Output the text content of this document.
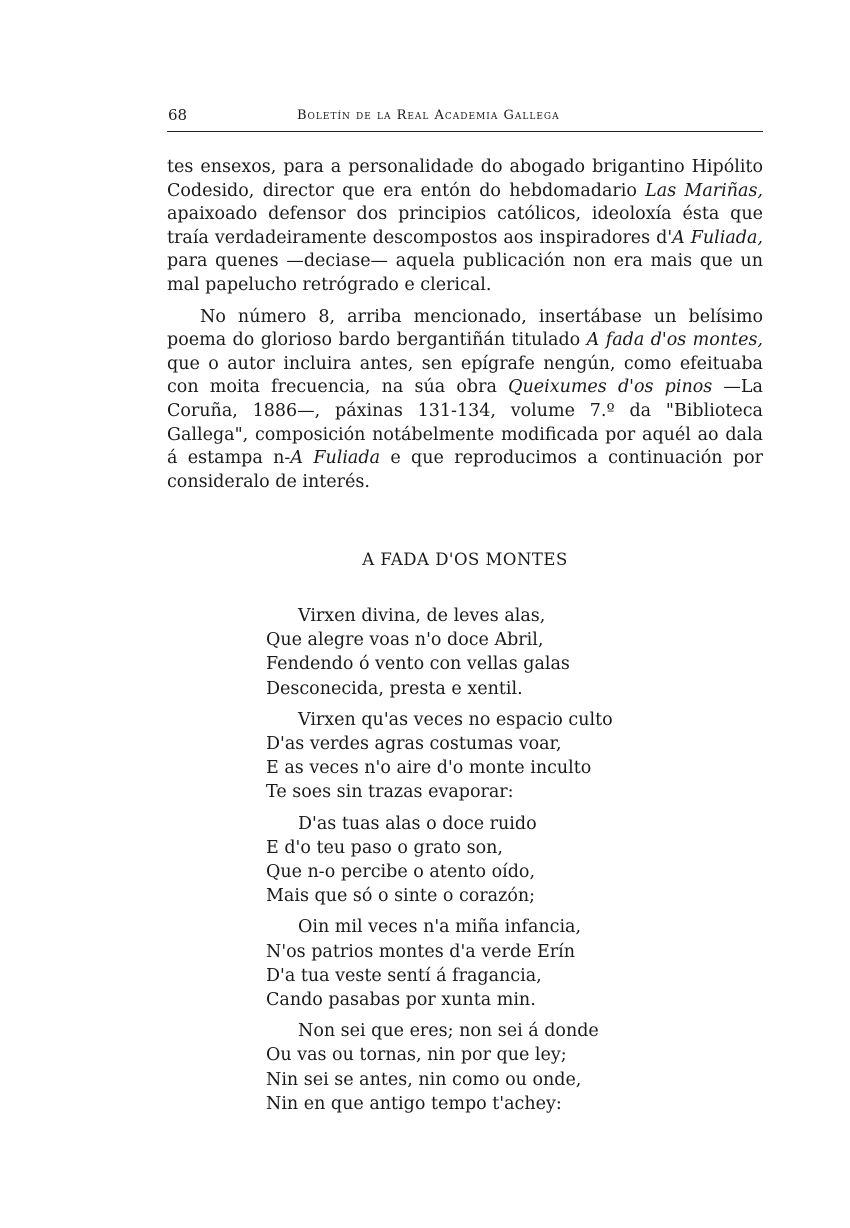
68	Boletín de la Real Academia Gallega

tes ensexos, para a personalidade do abogado brigantino Hipólito Codesido, director que era entón do hebdomadario Las Mariñas, apaixoado defensor dos principios católicos, ideoloxía ésta que traía verdadeiramente descompostos aos inspiradores d'A Fuliada, para quenes —deciase— aquela publicación non era mais que un mal papelucho retrógrado e clerical.

No número 8, arriba mencionado, insertábase un belísimo poema do glorioso bardo bergantiñán titulado A fada d'os montes, que o autor incluira antes, sen epígrafe nengún, como efeituaba con moita frecuencia, na súa obra Queixumes d'os pinos —La Coruña, 1886—, páxinas 131-134, volume 7.º da "Biblioteca Gallega", composición notábelmente modificada por aquél ao dala á estampa n-A Fuliada e que reproducimos a continuación por consideralo de interés.

A FADA D'OS MONTES
Virxen divina, de leves alas,
Que alegre voas n'o doce Abril,
Fendendo ó vento con vellas galas
Desconecida, presta e xentil.
Virxen qu'as veces no espacio culto
D'as verdes agras costumas voar,
E as veces n'o aire d'o monte inculto
Te soes sin trazas evaporar:
D'as tuas alas o doce ruido
E d'o teu paso o grato son,
Que n-o percibe o atento oído,
Mais que só o sinte o corazón;
Oin mil veces n'a miña infancia,
N'os patrios montes d'a verde Erín
D'a tua veste sentí á fragancia,
Cando pasabas por xunta min.
Non sei que eres; non sei á donde
Ou vas ou tornas, nin por que ley;
Nin sei se antes, nin como ou onde,
Nin en que antigo tempo t'achey:
